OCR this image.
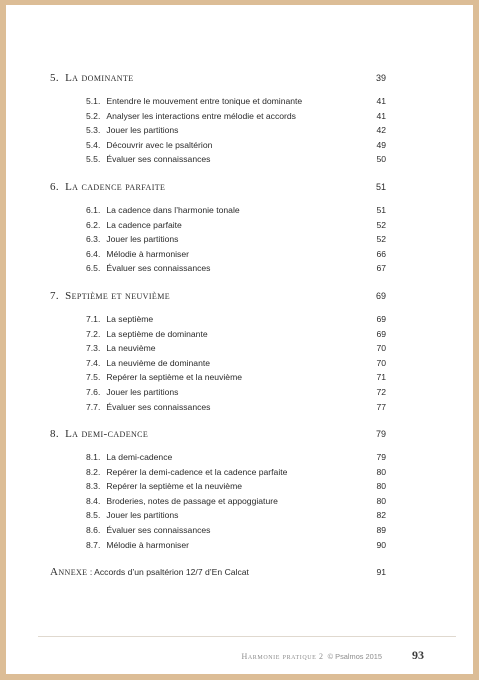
5. La dominante	39
5.1. Entendre le mouvement entre tonique et dominante	41
5.2. Analyser les interactions entre mélodie et accords	41
5.3. Jouer les partitions	42
5.4. Découvrir avec le psaltérion	49
5.5. Évaluer ses connaissances	50
6. La cadence parfaite	51
6.1. La cadence dans l’harmonie tonale	51
6.2. La cadence parfaite	52
6.3. Jouer les partitions	52
6.4. Mélodie à harmoniser	66
6.5. Évaluer ses connaissances	67
7. Septième et neuvième	69
7.1. La septième	69
7.2. La septième de dominante	69
7.3. La neuvième	70
7.4. La neuvième de dominante	70
7.5. Repérer la septième et la neuvième	71
7.6. Jouer les partitions	72
7.7. Évaluer ses connaissances	77
8. La demi-cadence	79
8.1. La demi-cadence	79
8.2. Repérer la demi-cadence et la cadence parfaite	80
8.3. Repérer la septième et la neuvième	80
8.4. Broderies, notes de passage et appoggiature	80
8.5. Jouer les partitions	82
8.6. Évaluer ses connaissances	89
8.7. Mélodie à harmoniser	90
Annexe : Accords d’un psaltérion 12/7 d’En Calcat	91
Harmonie pratique 2 © Psalmos 2015	93
